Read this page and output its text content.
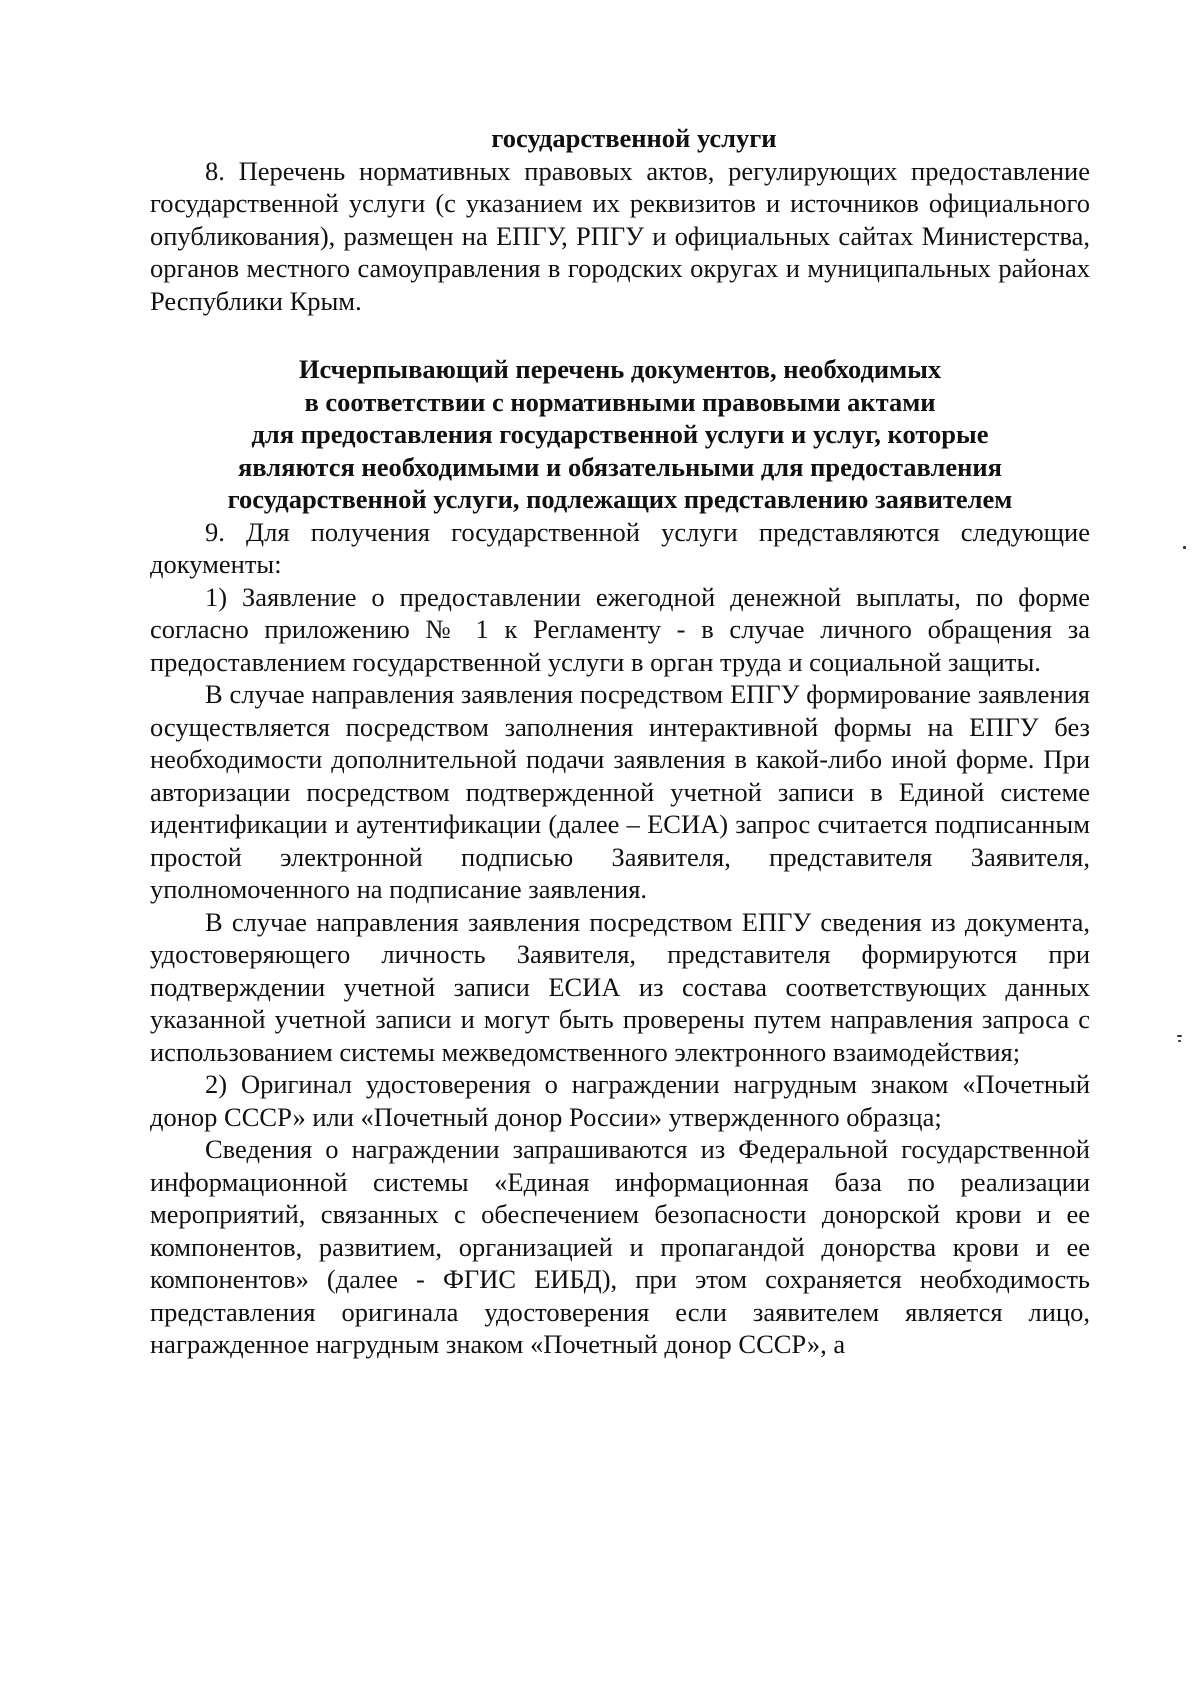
государственной услуги

8. Перечень нормативных правовых актов, регулирующих предоставление государственной услуги (с указанием их реквизитов и источников официального опубликования), размещен на ЕПГУ, РПГУ и официальных сайтах Министерства, органов местного самоуправления в городских округах и муниципальных районах Республики Крым.

Исчерпывающий перечень документов, необходимых
в соответствии с нормативными правовыми актами
для предоставления государственной услуги и услуг, которые
являются необходимыми и обязательными для предоставления
государственной услуги, подлежащих представлению заявителем

9. Для получения государственной услуги представляются следующие документы:

1) Заявление о предоставлении ежегодной денежной выплаты, по форме согласно приложению № 1 к Регламенту - в случае личного обращения за предоставлением государственной услуги в орган труда и социальной защиты.

В случае направления заявления посредством ЕПГУ формирование заявления осуществляется посредством заполнения интерактивной формы на ЕПГУ без необходимости дополнительной подачи заявления в какой-либо иной форме. При авторизации посредством подтвержденной учетной записи в Единой системе идентификации и аутентификации (далее – ЕСИА) запрос считается подписанным простой электронной подписью Заявителя, представителя Заявителя, уполномоченного на подписание заявления.

В случае направления заявления посредством ЕПГУ сведения из документа, удостоверяющего личность Заявителя, представителя формируются при подтверждении учетной записи ЕСИА из состава соответствующих данных указанной учетной записи и могут быть проверены путем направления запроса с использованием системы межведомственного электронного взаимодействия;

2) Оригинал удостоверения о награждении нагрудным знаком «Почетный донор СССР» или «Почетный донор России» утвержденного образца;

Сведения о награждении запрашиваются из Федеральной государственной информационной системы «Единая информационная база по реализации мероприятий, связанных с обеспечением безопасности донорской крови и ее компонентов, развитием, организацией и пропагандой донорства крови и ее компонентов» (далее - ФГИС ЕИБД), при этом сохраняется необходимость представления оригинала удостоверения если заявителем является лицо, награжденное нагрудным знаком «Почетный донор СССР», а
